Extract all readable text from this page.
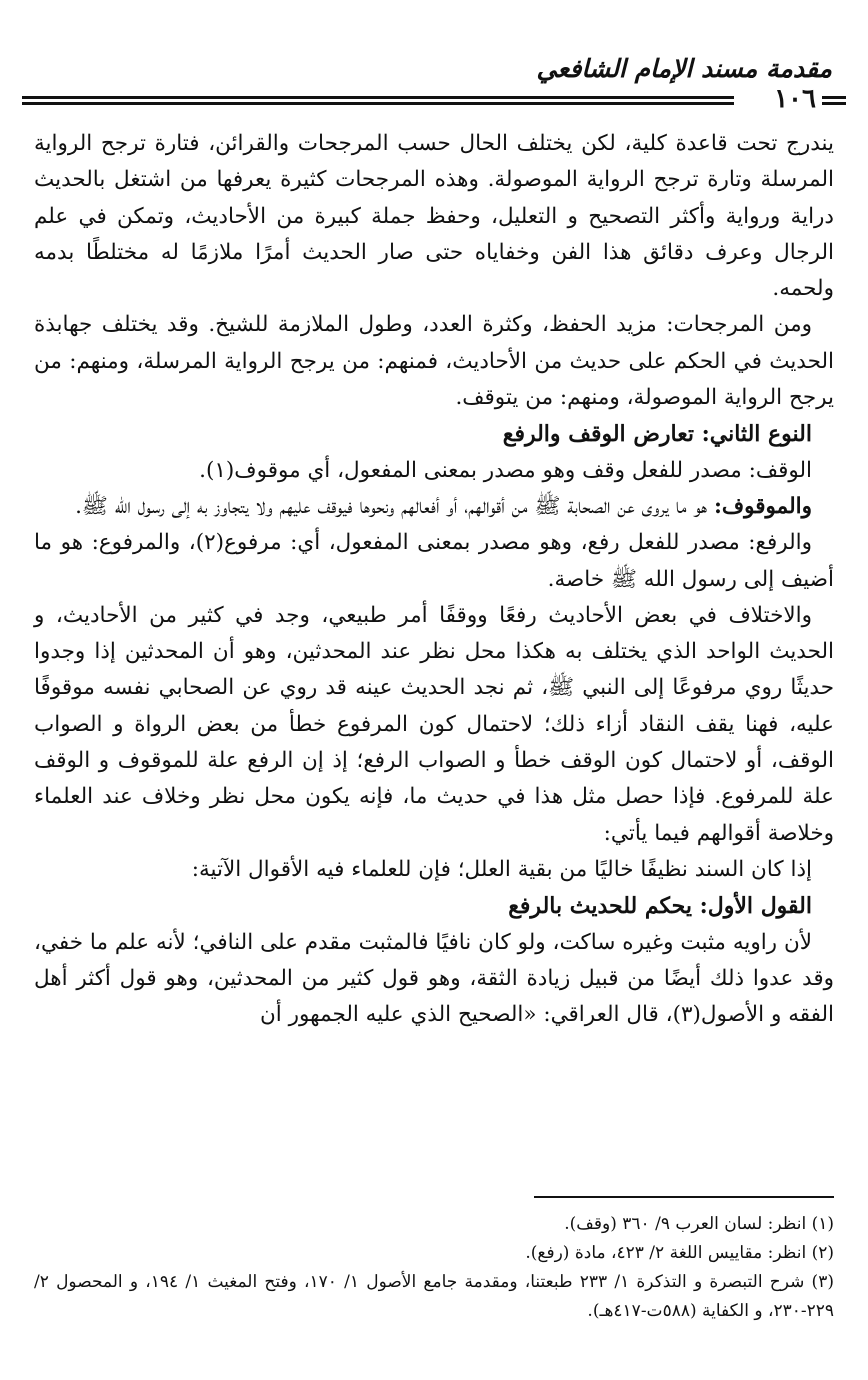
مقدمة مسند الإمام الشافعي
١٠٦

يندرج تحت قاعدة كلية، لكن يختلف الحال حسب المرجحات والقرائن، فتارة ترجح الرواية المرسلة وتارة ترجح الرواية الموصولة. وهذه المرجحات كثيرة يعرفها من اشتغل بالحديث دراية ورواية وأكثر التصحيح و التعليل، وحفظ جملة كبيرة من الأحاديث، وتمكن في علم الرجال وعرف دقائق هذا الفن وخفاياه حتى صار الحديث أمرًا ملازمًا له مختلطًا بدمه ولحمه.

ومن المرجحات: مزيد الحفظ، وكثرة العدد، وطول الملازمة للشيخ. وقد يختلف جهابذة الحديث في الحكم على حديث من الأحاديث، فمنهم: من يرجح الرواية المرسلة، ومنهم: من يرجح الرواية الموصولة، ومنهم: من يتوقف.

النوع الثاني: تعارض الوقف والرفع

الوقف: مصدر للفعل وقف وهو مصدر بمعنى المفعول، أي موقوف(١).

والموقوف: هو ما يروى عن الصحابة ﷺ من أقوالهم، أو أفعالهم ونحوها فيوقف عليهم ولا يتجاوز به إلى رسول الله ﷺ.

والرفع: مصدر للفعل رفع، وهو مصدر بمعنى المفعول، أي: مرفوع(٢)، والمرفوع: هو ما أضيف إلى رسول الله ﷺ خاصة.

والاختلاف في بعض الأحاديث رفعًا ووقفًا أمر طبيعي، وجد في كثير من الأحاديث، و الحديث الواحد الذي يختلف به هكذا محل نظر عند المحدثين، وهو أن المحدثين إذا وجدوا حديثًا روي مرفوعًا إلى النبي ﷺ، ثم نجد الحديث عينه قد روي عن الصحابي نفسه موقوفًا عليه، فهنا يقف النقاد أزاء ذلك؛ لاحتمال كون المرفوع خطأ من بعض الرواة و الصواب الوقف، أو لاحتمال كون الوقف خطأ و الصواب الرفع؛ إذ إن الرفع علة للموقوف و الوقف علة للمرفوع. فإذا حصل مثل هذا في حديث ما، فإنه يكون محل نظر وخلاف عند العلماء وخلاصة أقوالهم فيما يأتي:

إذا كان السند نظيفًا خاليًا من بقية العلل؛ فإن للعلماء فيه الأقوال الآتية:

القول الأول: يحكم للحديث بالرفع

لأن راويه مثبت وغيره ساكت، ولو كان نافيًا فالمثبت مقدم على النافي؛ لأنه علم ما خفي، وقد عدوا ذلك أيضًا من قبيل زيادة الثقة، وهو قول كثير من المحدثين، وهو قول أكثر أهل الفقه و الأصول(٣)، قال العراقي: «الصحيح الذي عليه الجمهور أن

(١) انظر: لسان العرب ٩/ ٣٦٠ (وقف).

(٢) انظر: مقاييس اللغة ٢/ ٤٢٣، مادة (رفع).

(٣) شرح التبصرة و التذكرة ١/ ٢٣٣ طبعتنا، ومقدمة جامع الأصول ١/ ١٧٠، وفتح المغيث ١/ ١٩٤، و المحصول ٢/ ٢٢٩-٢٣٠، و الكفاية (٥٨٨ت-٤١٧هـ).
